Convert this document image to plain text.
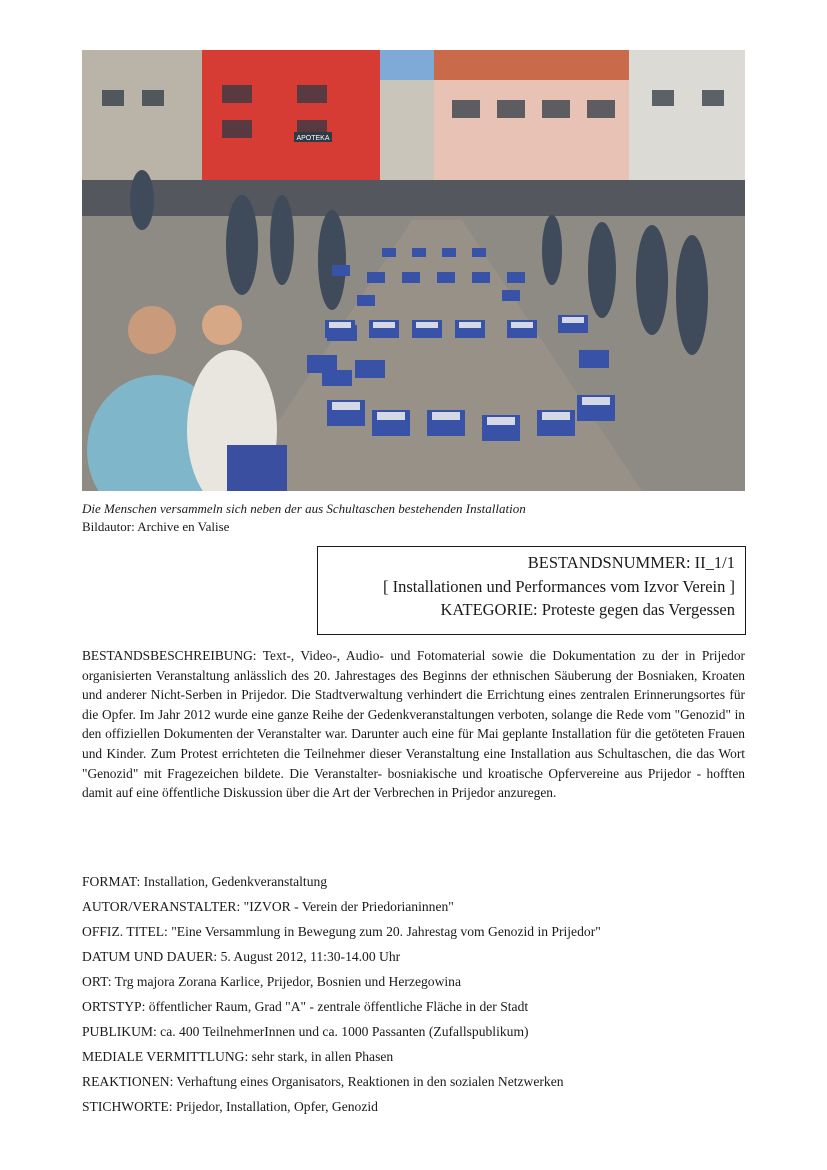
APOTEKA
Die Menschen versammeln sich neben der aus Schultaschen bestehenden Installation
Bildautor: Archive en Valise
BESTANDSNUMMER: II_1/1
[ Installationen und Performances vom Izvor Verein ]
KATEGORIE: Proteste gegen das Vergessen
BESTANDSBESCHREIBUNG: Text-, Video-, Audio- und Fotomaterial sowie die Dokumentation zu der in Prijedor organisierten Veranstaltung anlässlich des 20. Jahrestages des Beginns der ethnischen Säuberung der Bosniaken, Kroaten und anderer Nicht-Serben in Prijedor. Die Stadtverwaltung verhindert die Errichtung eines zentralen Erinnerungsortes für die Opfer. Im Jahr 2012 wurde eine ganze Reihe der Gedenkveranstaltungen verboten, solange die Rede vom "Genozid" in den offiziellen Dokumenten der Veranstalter war. Darunter auch eine für Mai geplante Installation für die getöteten Frauen und Kinder. Zum Protest errichteten die Teilnehmer dieser Veranstaltung eine Installation aus Schultaschen, die das Wort "Genozid" mit Fragezeichen bildete. Die Veranstalter- bosniakische und kroatische Opfervereine aus Prijedor - hofften damit auf eine öffentliche Diskussion über die Art der Verbrechen in Prijedor anzuregen.
FORMAT: Installation, Gedenkveranstaltung
AUTOR/VERANSTALTER: "IZVOR - Verein der Priedorianinnen"
OFFIZ. TITEL: "Eine Versammlung in Bewegung zum 20. Jahrestag vom Genozid in Prijedor"
DATUM UND DAUER: 5. August 2012, 11:30-14.00 Uhr
ORT: Trg majora Zorana Karlice, Prijedor, Bosnien und Herzegowina
ORTSTYP: öffentlicher Raum, Grad "A" - zentrale öffentliche Fläche in der Stadt
PUBLIKUM: ca. 400 TeilnehmerInnen und ca. 1000 Passanten (Zufallspublikum)
MEDIALE VERMITTLUNG: sehr stark, in allen Phasen
REAKTIONEN: Verhaftung eines Organisators, Reaktionen in den sozialen Netzwerken
STICHWORTE: Prijedor, Installation, Opfer, Genozid
